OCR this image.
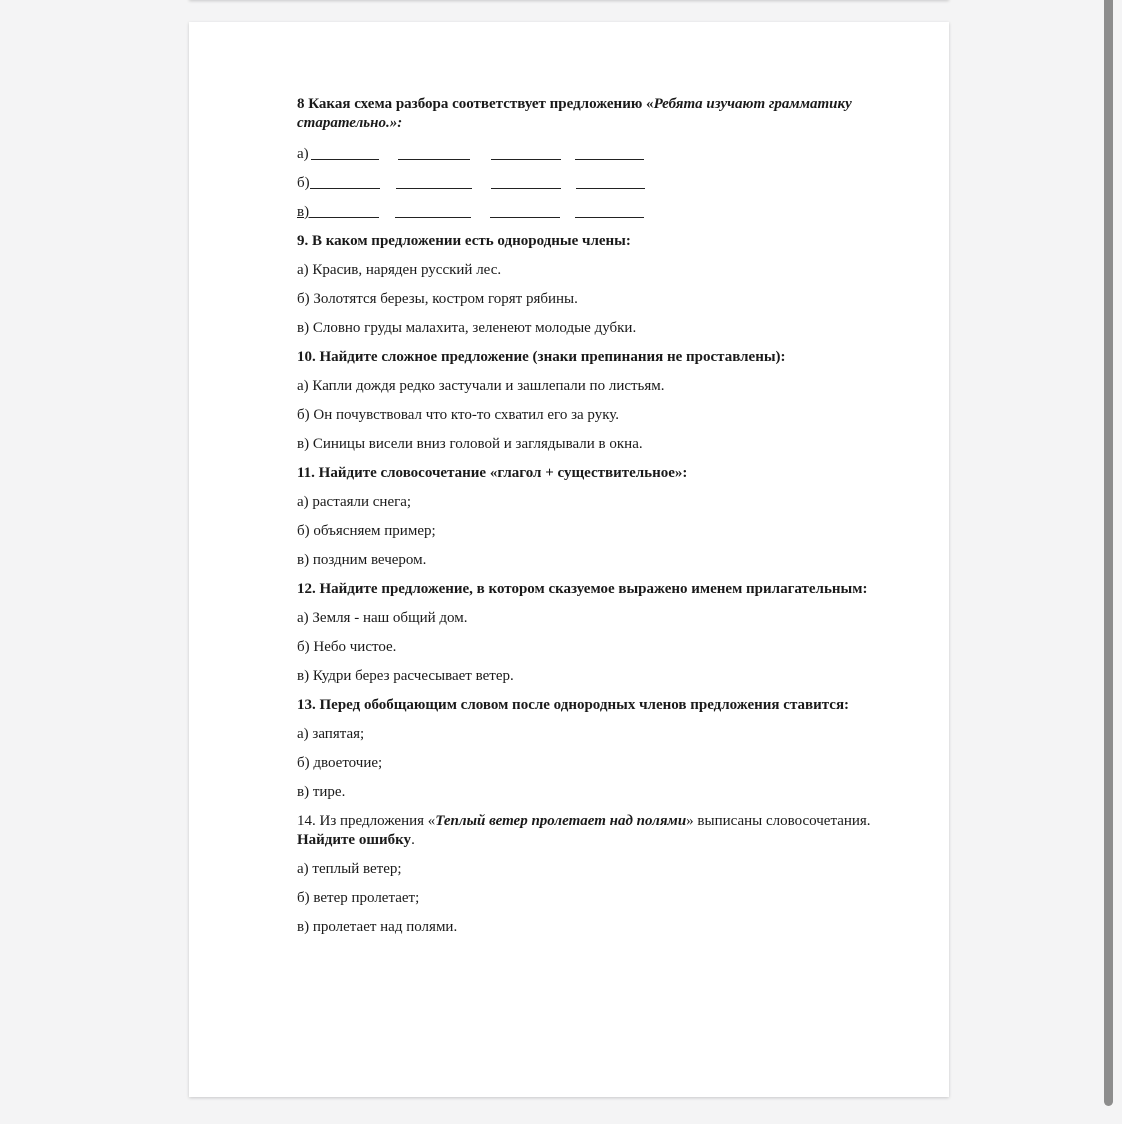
8 Какая схема разбора соответствует предложению «Ребята изучают грамматику старательно.»:

а)
б)
в)

9. В каком предложении есть однородные члены:

а) Красив, наряден русский лес.

б) Золотятся березы, костром горят рябины.

в) Словно груды малахита, зеленеют молодые дубки.

10. Найдите сложное предложение (знаки препинания не проставлены):

а) Капли дождя редко застучали и зашлепали по листьям.

б) Он почувствовал что кто-то схватил его за руку.

в) Синицы висели вниз головой и заглядывали в окна.

11. Найдите словосочетание «глагол + существительное»:

а) растаяли снега;

б) объясняем пример;

в) поздним вечером.

12. Найдите предложение, в котором сказуемое выражено именем прилагательным:

а) Земля - наш общий дом.

б) Небо чистое.

в) Кудри берез расчесывает ветер.

13. Перед обобщающим словом после однородных членов предложения ставится:

а) запятая;

б) двоеточие;

в) тире.

14. Из предложения «Теплый ветер пролетает над полями» выписаны словосочетания.
Найдите ошибку.

а) теплый ветер;

б) ветер пролетает;

в) пролетает над полями.
